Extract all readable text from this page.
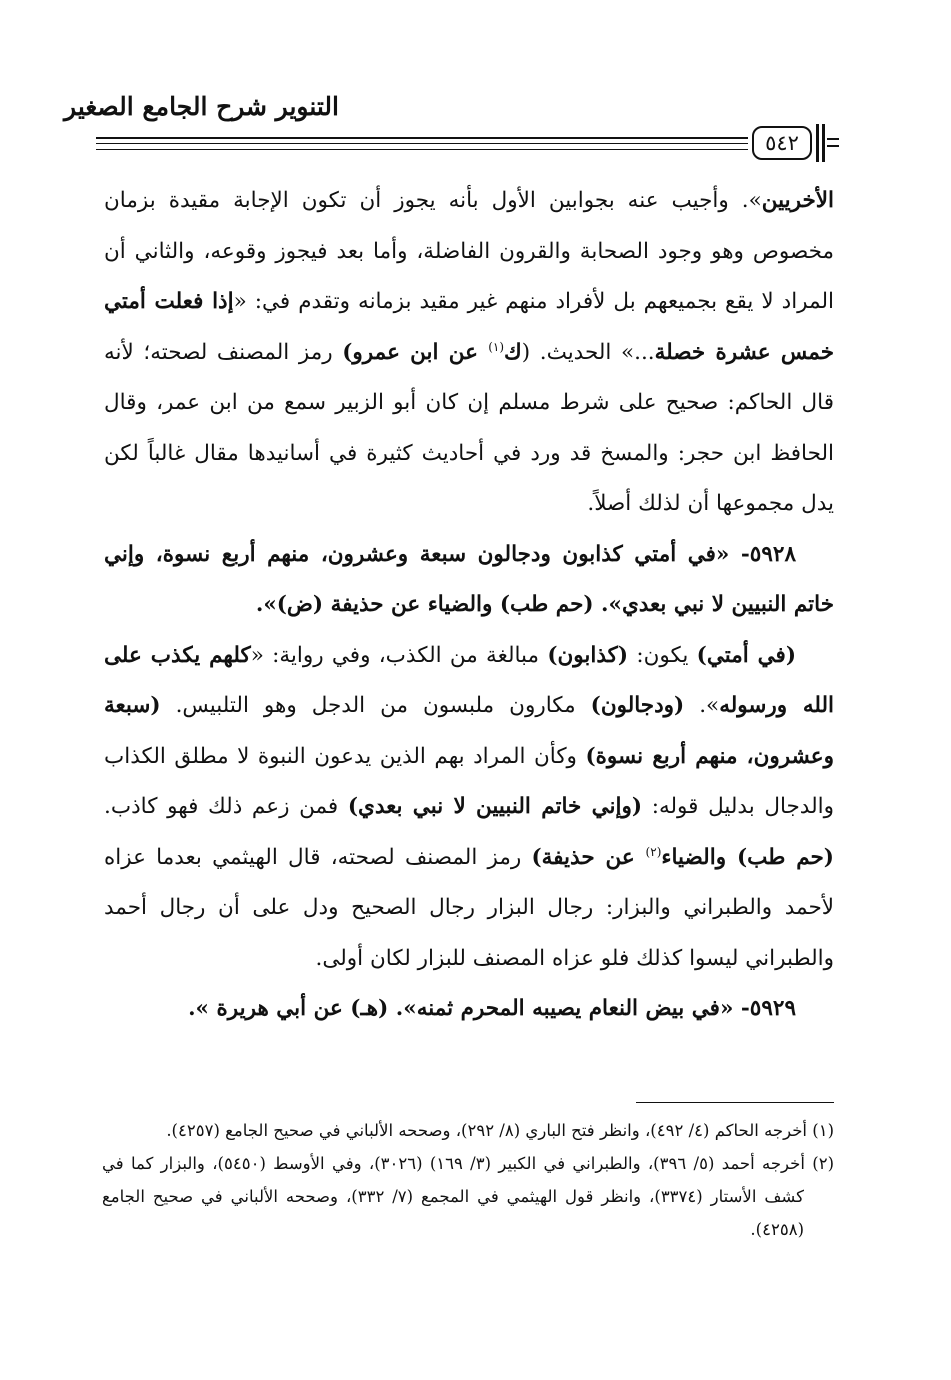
التنوير شرح الجامع الصغير
٥٤٢

الأخريين». وأجيب عنه بجوابين الأول بأنه يجوز أن تكون الإجابة مقيدة بزمان مخصوص وهو وجود الصحابة والقرون الفاضلة، وأما بعد فيجوز وقوعه، والثاني أن المراد لا يقع بجميعهم بل لأفراد منهم غير مقيد بزمانه وتقدم في: «إذا فعلت أمتي خمس عشرة خصلة...» الحديث. (ك$^{(١)}$ عن ابن عمرو) رمز المصنف لصحته؛ لأنه قال الحاكم: صحيح على شرط مسلم إن كان أبو الزبير سمع من ابن عمر، وقال الحافظ ابن حجر: والمسخ قد ورد في أحاديث كثيرة في أسانيدها مقال غالباً لكن يدل مجموعها أن لذلك أصلاً.

٥٩٢٨- «في أمتي كذابون ودجالون سبعة وعشرون، منهم أربع نسوة، وإني خاتم النبيين لا نبي بعدي». (حم طب) والضياء عن حذيفة (ض)».

(في أمتي) يكون: (كذابون) مبالغة من الكذب، وفي رواية: «كلهم يكذب على الله ورسوله». (ودجالون) مكارون ملبسون من الدجل وهو التلبيس. (سبعة وعشرون، منهم أربع نسوة) وكأن المراد بهم الذين يدعون النبوة لا مطلق الكذاب والدجال بدليل قوله: (وإني خاتم النبيين لا نبي بعدي) فمن زعم ذلك فهو كاذب. (حم طب) والضياء$^{(٢)}$ عن حذيفة) رمز المصنف لصحته، قال الهيثمي بعدما عزاه لأحمد والطبراني والبزار: رجال البزار رجال الصحيح ودل على أن رجال أحمد والطبراني ليسوا كذلك فلو عزاه المصنف للبزار لكان أولى.

٥٩٢٩- «في بيض النعام يصيبه المحرم ثمنه». (هـ) عن أبي هريرة ».

(١) أخرجه الحاكم (٤/ ٤٩٢)، وانظر فتح الباري (٨/ ٢٩٢)، وصححه الألباني في صحيح الجامع (٤٢٥٧).

(٢) أخرجه أحمد (٥/ ٣٩٦)، والطبراني في الكبير (٣/ ١٦٩) (٣٠٢٦)، وفي الأوسط (٥٤٥٠)، والبزار كما في كشف الأستار (٣٣٧٤)، وانظر قول الهيثمي في المجمع (٧/ ٣٣٢)، وصححه الألباني في صحيح الجامع (٤٢٥٨).
